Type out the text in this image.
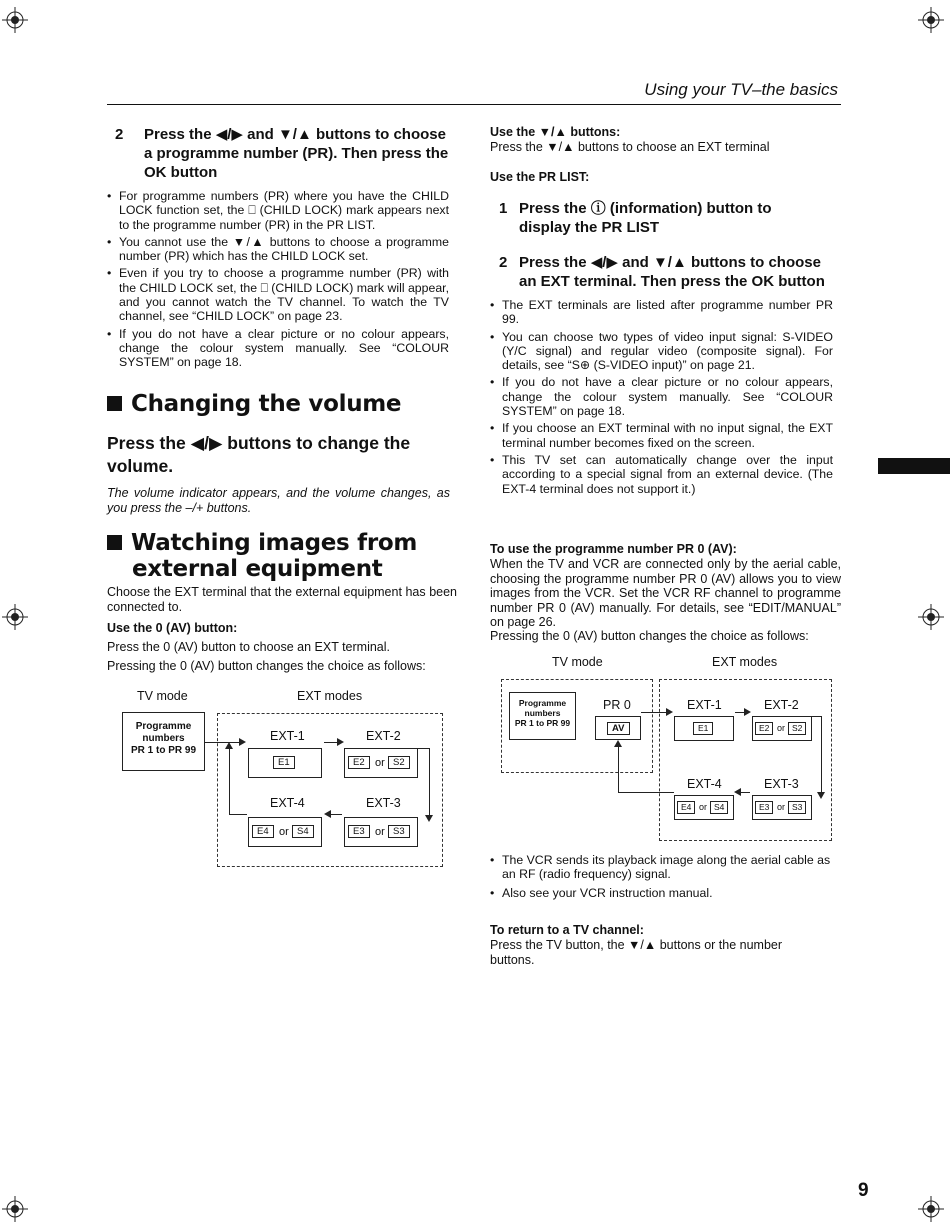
Using your TV–the basics
2 Press the ◀/▶ and ▼/▲ buttons to choose
a programme number (PR). Then press the
OK button
• For programme numbers (PR) where you have the CHILD LOCK function set, the ⎕ (CHILD LOCK) mark appears next to the programme number (PR) in the PR LIST.
• You cannot use the ▼/▲ buttons to choose a programme number (PR) which has the CHILD LOCK set.
• Even if you try to choose a programme number (PR) with the CHILD LOCK set, the ⎕ (CHILD LOCK) mark will appear, and you cannot watch the TV channel. To watch the TV channel, see “CHILD LOCK” on page 23.
• If you do not have a clear picture or no colour appears, change the colour system manually. See “COLOUR SYSTEM” on page 18.
Changing the volume
Press the ◀/▶ buttons to change the
volume.
The volume indicator appears, and the volume changes, as you press the –/+ buttons.
Watching images from
external equipment
Choose the EXT terminal that the external equipment has been connected to.
Use the 0 (AV) button:
Press the 0 (AV) button to choose an EXT terminal.
Pressing the 0 (AV) button changes the choice as follows:
TV mode	EXT modes
Programme
numbers
PR 1 to PR 99
EXT-1
E1
EXT-2
E2 or S2
EXT-3
E3 or S3
EXT-4
E4 or S4
Use the ▼/▲ buttons:
Press the ▼/▲ buttons to choose an EXT terminal
Use the PR LIST:
1 Press the ⓘ (information) button to
display the PR LIST
2 Press the ◀/▶ and ▼/▲ buttons to choose
an EXT terminal. Then press the OK button
• The EXT terminals are listed after programme number PR 99.
• You can choose two types of video input signal: S-VIDEO (Y/C signal) and regular video (composite signal). For details, see “S⊕ (S-VIDEO input)” on page 21.
• If you do not have a clear picture or no colour appears, change the colour system manually. See “COLOUR SYSTEM” on page 18.
• If you choose an EXT terminal with no input signal, the EXT terminal number becomes fixed on the screen.
• This TV set can automatically change over the input according to a special signal from an external device. (The EXT-4 terminal does not support it.)
To use the programme number PR 0 (AV):
When the TV and VCR are connected only by the aerial cable, choosing the programme number PR 0 (AV) allows you to view images from the VCR. Set the VCR RF channel to programme number PR 0 (AV) manually. For details, see “EDIT/MANUAL” on page 26.
Pressing the 0 (AV) button changes the choice as follows:
TV mode	EXT modes
Programme
numbers
PR 1 to PR 99
PR 0
AV
EXT-1
E1
EXT-2
E2 or S2
EXT-3
E3 or S3
EXT-4
E4 or S4
• The VCR sends its playback image along the aerial cable as an RF (radio frequency) signal.
• Also see your VCR instruction manual.
To return to a TV channel:
Press the TV button, the ▼/▲ buttons or the number buttons.
9
